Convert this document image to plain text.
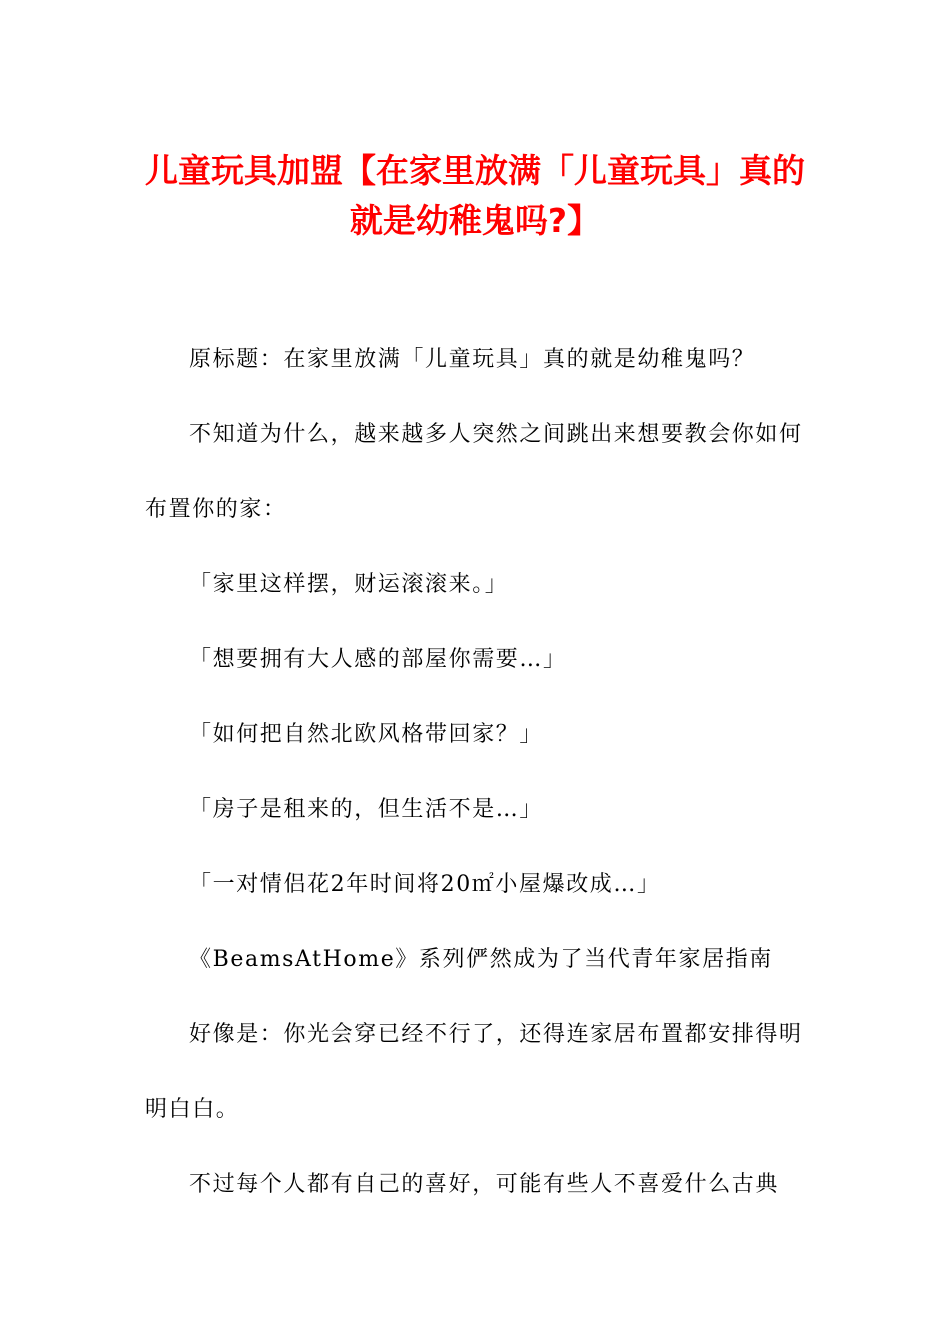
儿童玩具加盟【在家里放满「儿童玩具」真的就是幼稚鬼吗?】

原标题：在家里放满「儿童玩具」真的就是幼稚鬼吗？

不知道为什么，越来越多人突然之间跳出来想要教会你如何布置你的家：

「家里这样摆，财运滚滚来。」

「想要拥有大人感的部屋你需要…」

「如何把自然北欧风格带回家？」

「房子是租来的，但生活不是…」

「一对情侣花2年时间将20㎡小屋爆改成…」

《BeamsAtHome》系列俨然成为了当代青年家居指南

好像是：你光会穿已经不行了，还得连家居布置都安排得明明白白。

不过每个人都有自己的喜好，可能有些人不喜爱什么古典
